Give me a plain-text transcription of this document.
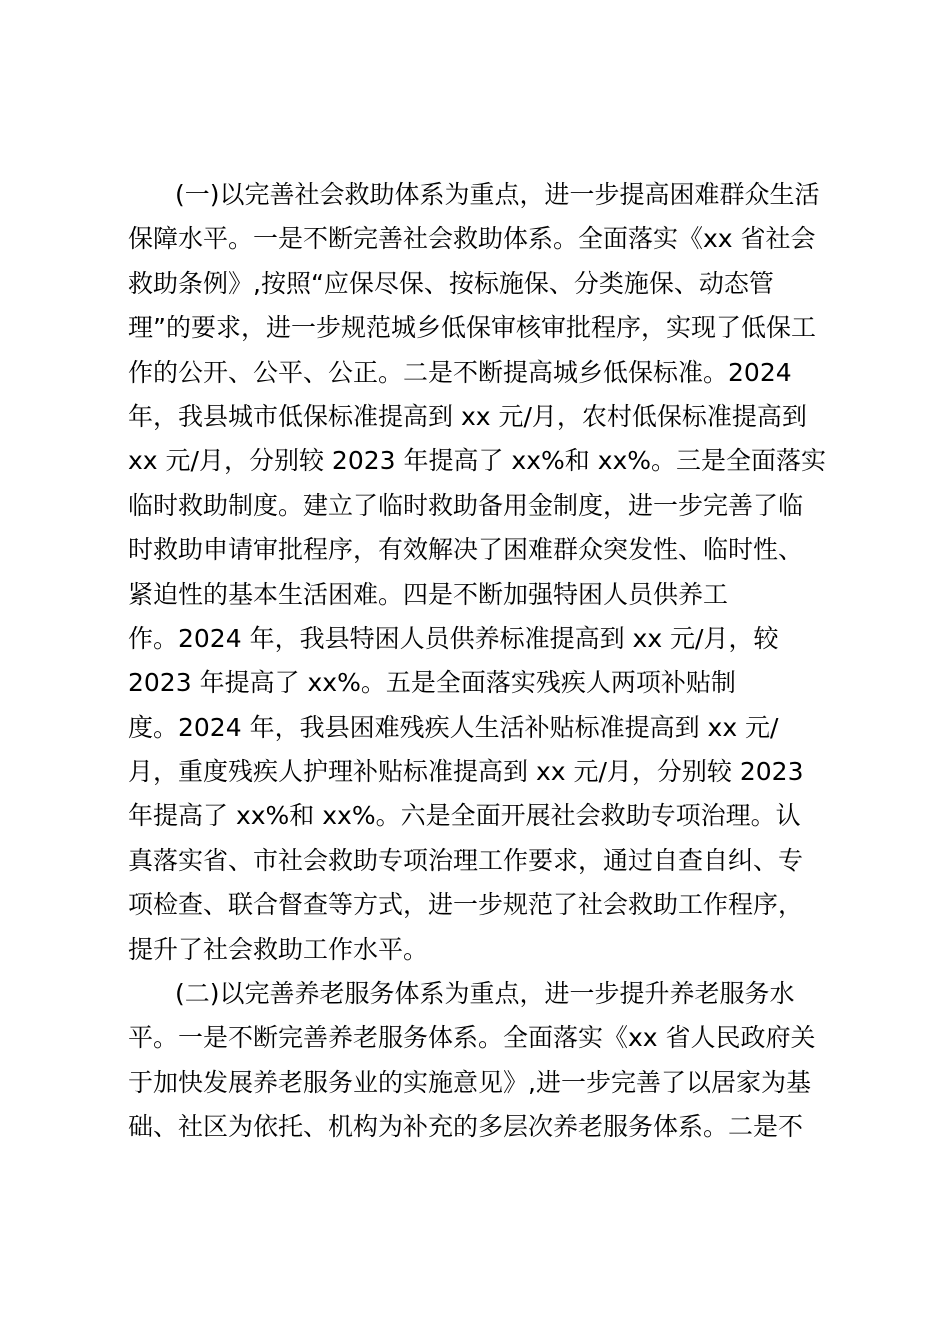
(一)以完善社会救助体系为重点，进一步提高困难群众生活
保障水平。一是不断完善社会救助体系。全面落实《xx 省社会
救助条例》,按照“应保尽保、按标施保、分类施保、动态管
理”的要求，进一步规范城乡低保审核审批程序，实现了低保工
作的公开、公平、公正。二是不断提高城乡低保标准。2024
年，我县城市低保标准提高到 xx 元/月，农村低保标准提高到
xx 元/月，分别较 2023 年提高了 xx%和 xx%。三是全面落实
临时救助制度。建立了临时救助备用金制度，进一步完善了临
时救助申请审批程序，有效解决了困难群众突发性、临时性、
紧迫性的基本生活困难。四是不断加强特困人员供养工
作。2024 年，我县特困人员供养标准提高到 xx 元/月，较
2023 年提高了 xx%。五是全面落实残疾人两项补贴制
度。2024 年，我县困难残疾人生活补贴标准提高到 xx 元/
月，重度残疾人护理补贴标准提高到 xx 元/月，分别较 2023
年提高了 xx%和 xx%。六是全面开展社会救助专项治理。认
真落实省、市社会救助专项治理工作要求，通过自查自纠、专
项检查、联合督查等方式，进一步规范了社会救助工作程序，
提升了社会救助工作水平。
(二)以完善养老服务体系为重点，进一步提升养老服务水
平。一是不断完善养老服务体系。全面落实《xx 省人民政府关
于加快发展养老服务业的实施意见》,进一步完善了以居家为基
础、社区为依托、机构为补充的多层次养老服务体系。二是不
